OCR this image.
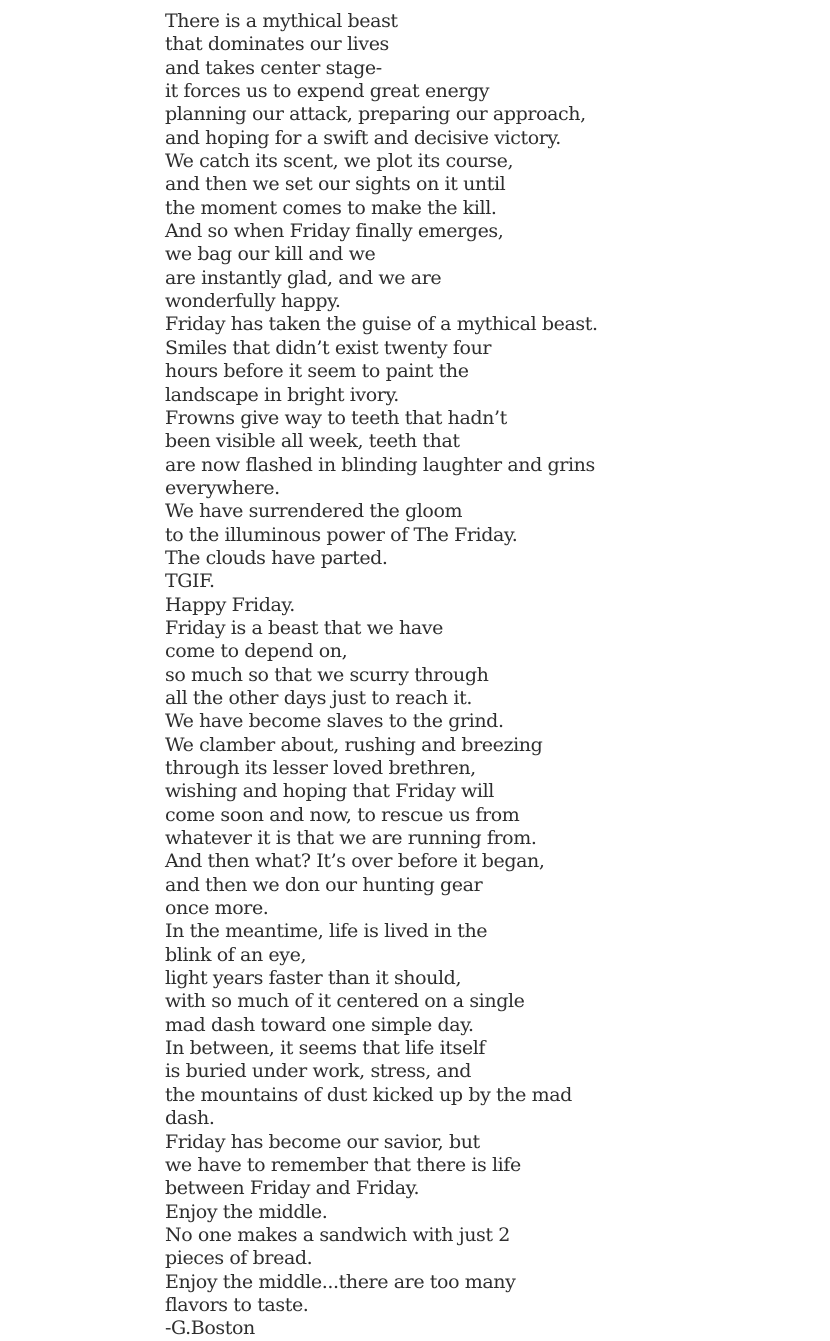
There is a mythical beast
that dominates our lives
and takes center stage-
it forces us to expend great energy
planning our attack, preparing our approach,
and hoping for a swift and decisive victory.
We catch its scent, we plot its course,
and then we set our sights on it until
the moment comes to make the kill.
And so when Friday finally emerges,
we bag our kill and we
are instantly glad, and we are
wonderfully happy.
Friday has taken the guise of a mythical beast.
Smiles that didn’t exist twenty four
hours before it seem to paint the
landscape in bright ivory.
Frowns give way to teeth that hadn’t
been visible all week, teeth that
are now flashed in blinding laughter and grins
everywhere.
We have surrendered the gloom
to the illuminous power of The Friday.
The clouds have parted.
TGIF.
Happy Friday.
Friday is a beast that we have
come to depend on,
so much so that we scurry through
all the other days just to reach it.
We have become slaves to the grind.
We clamber about, rushing and breezing
through its lesser loved brethren,
wishing and hoping that Friday will
come soon and now, to rescue us from
whatever it is that we are running from.
And then what? It’s over before it began,
and then we don our hunting gear
once more.
In the meantime, life is lived in the
blink of an eye,
light years faster than it should,
with so much of it centered on a single
mad dash toward one simple day.
In between, it seems that life itself
is buried under work, stress, and
the mountains of dust kicked up by the mad
dash.
Friday has become our savior, but
we have to remember that there is life
between Friday and Friday.
Enjoy the middle.
No one makes a sandwich with just 2
pieces of bread.
Enjoy the middle...there are too many
flavors to taste.
-G.Boston
